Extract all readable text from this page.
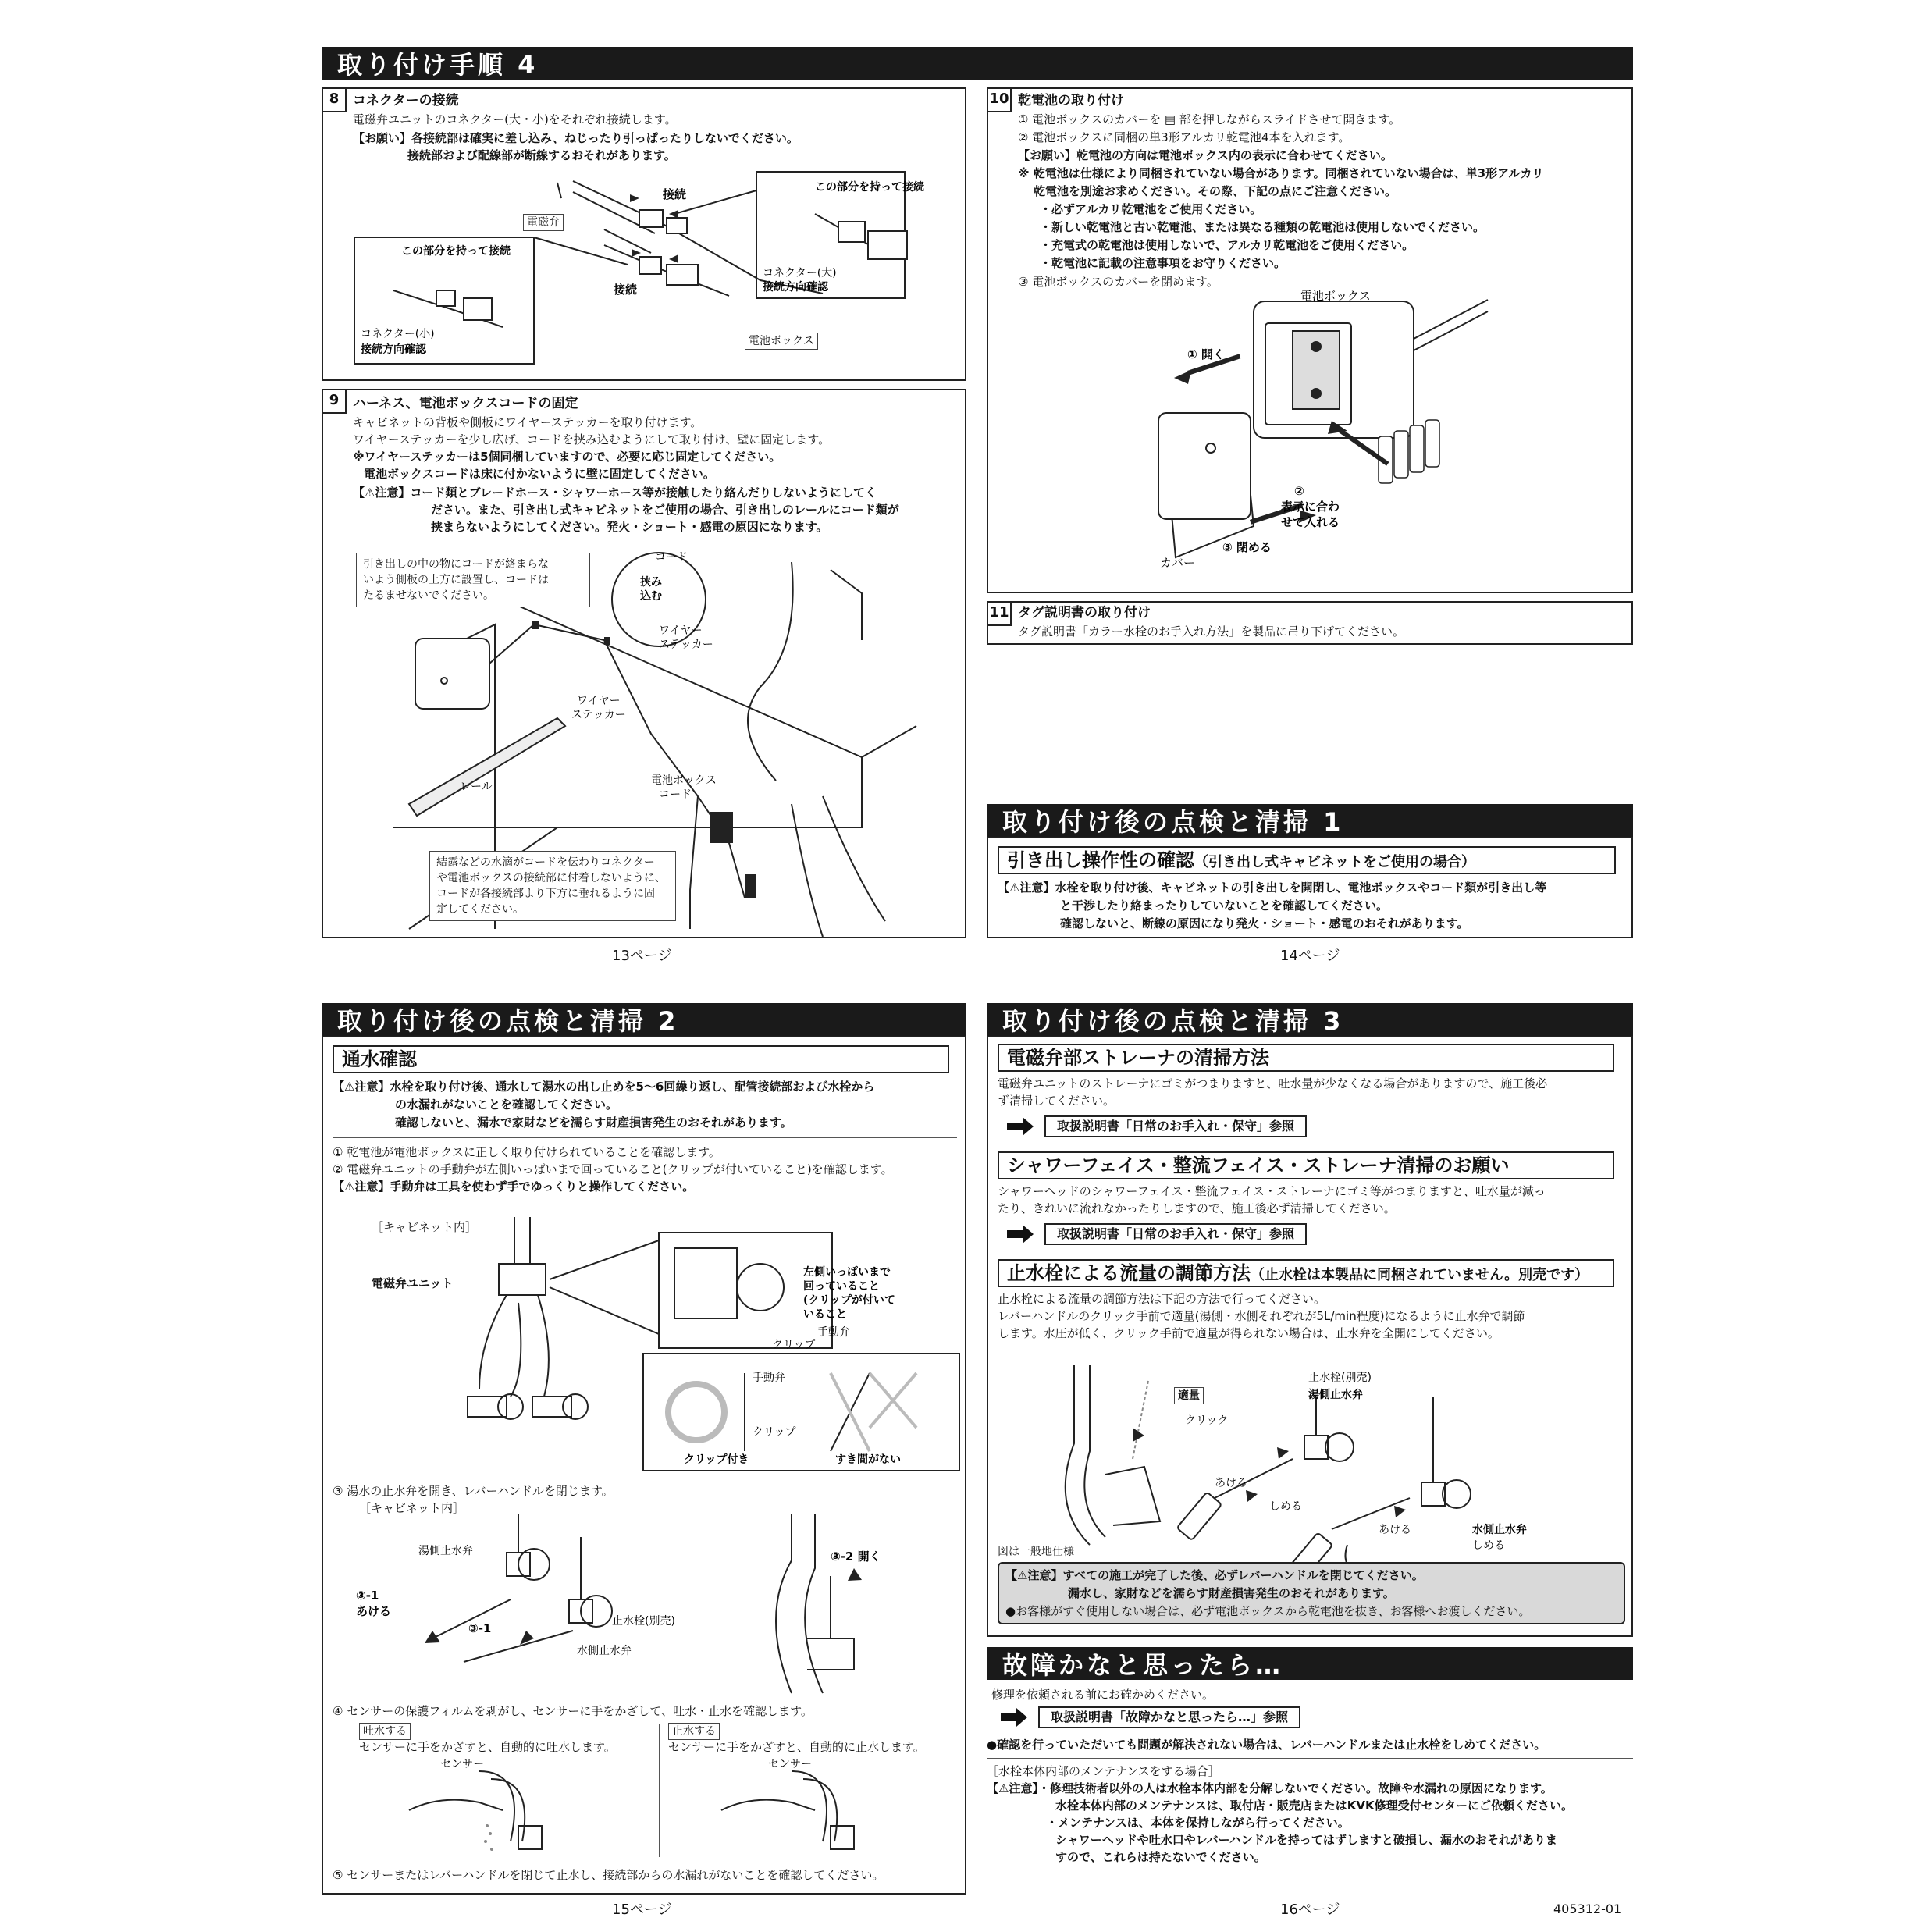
取り付け手順 4
8	コネクターの接続
電磁弁ユニットのコネクター(大・小)をそれぞれ接続します。
【お願い】各接続部は確実に差し込み、ねじったり引っぱったりしないでください。
接続部および配線部が断線するおそれがあります。
接続
接続
この部分を持って接続
この部分を持って接続
コネクター(大)
接続方向確認
コネクター(小)
接続方向確認
電磁弁
電池ボックス
9	ハーネス、電池ボックスコードの固定
キャビネットの背板や側板にワイヤーステッカーを取り付けます。
ワイヤーステッカーを少し広げ、コードを挟み込むようにして取り付け、壁に固定します。
※ワイヤーステッカーは5個同梱していますので、必要に応じ固定してください。
電池ボックスコードは床に付かないように壁に固定してください。
【⚠注意】コード類とブレードホース・シャワーホース等が接触したり絡んだりしないようにしてく
ださい。また、引き出し式キャビネットをご使用の場合、引き出しのレールにコード類が
挟まらないようにしてください。発火・ショート・感電の原因になります。
コード
挟み
込む
ワイヤー
ステッカー
ワイヤー
ステッカー
レール	電池ボックス
コード
引き出しの中の物にコードが絡まらな
いよう側板の上方に設置し、コードは
たるませないでください。
結露などの水滴がコードを伝わりコネクター
や電池ボックスの接続部に付着しないように、
コードが各接続部より下方に垂れるように固
定してください。
13ページ
10 乾電池の取り付け
① 電池ボックスのカバーを ▤ 部を押しながらスライドさせて開きます。
② 電池ボックスに同梱の単3形アルカリ乾電池4本を入れます。
【お願い】乾電池の方向は電池ボックス内の表示に合わせてください。
※ 乾電池は仕様により同梱されていない場合があります。同梱されていない場合は、単3形アルカリ
乾電池を別途お求めください。その際、下記の点にご注意ください。
・必ずアルカリ乾電池をご使用ください。
・新しい乾電池と古い乾電池、または異なる種類の乾電池は使用しないでください。
・充電式の乾電池は使用しないで、アルカリ乾電池をご使用ください。
・乾電池に記載の注意事項をお守りください。
③ 電池ボックスのカバーを閉めます。
電池ボックス
① 開く
②
表示に合わ
せて入れる
③ 閉める
カバー
11 タグ説明書の取り付け
タグ説明書「カラー水栓のお手入れ方法」を製品に吊り下げてください。
取り付け後の点検と清掃 1
引き出し操作性の確認（引き出し式キャビネットをご使用の場合）
【⚠注意】水栓を取り付け後、キャビネットの引き出しを開閉し、電池ボックスやコード類が引き出し等
と干渉したり絡まったりしていないことを確認してください。
確認しないと、断線の原因になり発火・ショート・感電のおそれがあります。
14ページ
取り付け後の点検と清掃 2
通水確認
【⚠注意】水栓を取り付け後、通水して湯水の出し止めを5～6回繰り返し、配管接続部および水栓から
の水漏れがないことを確認してください。
確認しないと、漏水で家財などを濡らす財産損害発生のおそれがあります。
① 乾電池が電池ボックスに正しく取り付けられていることを確認します。
② 電磁弁ユニットの手動弁が左側いっぱいまで回っていること(クリップが付いていること)を確認します。
【⚠注意】手動弁は工具を使わず手でゆっくりと操作してください。
左側いっぱいまで
回っていること
(クリップが付いて
いること
手動弁
クリップ
手動弁
クリップ
クリップ付き	すき間がない
［キャビネット内］
電磁弁ユニット
③ 湯水の止水弁を開き、レバーハンドルを閉じます。
③-1
あける
③-1
湯側止水弁
止水栓(別売)
水側止水弁
③-2 開く
［キャビネット内］
④ センサーの保護フィルムを剥がし、センサーに手をかざして、吐水・止水を確認します。
吐水する
センサーに手をかざすと、自動的に吐水します。
止水する
センサーに手をかざすと、自動的に止水します。
センサー	センサー
⑤ センサーまたはレバーハンドルを閉じて止水し、接続部からの水漏れがないことを確認してください。
15ページ
取り付け後の点検と清掃 3
電磁弁部ストレーナの清掃方法
電磁弁ユニットのストレーナにゴミがつまりますと、吐水量が少なくなる場合がありますので、施工後必
ず清掃してください。
取扱説明書「日常のお手入れ・保守」参照
シャワーフェイス・整流フェイス・ストレーナ清掃のお願い
シャワーヘッドのシャワーフェイス・整流フェイス・ストレーナにゴミ等がつまりますと、吐水量が減っ
たり、きれいに流れなかったりしますので、施工後必ず清掃してください。
取扱説明書「日常のお手入れ・保守」参照
止水栓による流量の調節方法（止水栓は本製品に同梱されていません。別売です）
止水栓による流量の調節方法は下記の方法で行ってください。
レバーハンドルのクリック手前で適量(湯側・水側それぞれが5L/min程度)になるように止水弁で調節
します。水圧が低く、クリック手前で適量が得られない場合は、止水弁を全開にしてください。
クリック
止水栓(別売)
湯側止水弁
あける
しめる
あける	水側止水弁
しめる
適量
図は一般地仕様
【⚠注意】すべての施工が完了した後、必ずレバーハンドルを閉じてください。
漏水し、家財などを濡らす財産損害発生のおそれがあります。
●お客様がすぐ使用しない場合は、必ず電池ボックスから乾電池を抜き、お客様へお渡しください。
故障かなと思ったら…
修理を依頼される前にお確かめください。
取扱説明書「故障かなと思ったら…」参照
●確認を行っていただいても問題が解決されない場合は、レバーハンドルまたは止水栓をしめてください。
［水栓本体内部のメンテナンスをする場合］
【⚠注意】・修理技術者以外の人は水栓本体内部を分解しないでください。故障や水漏れの原因になります。
水栓本体内部のメンテナンスは、取付店・販売店またはKVK修理受付センターにご依頼ください。
・メンテナンスは、本体を保持しながら行ってください。
シャワーヘッドや吐水口やレバーハンドルを持ってはずしますと破損し、漏水のおそれがありま
すので、これらは持たないでください。
16ページ	405312-01
